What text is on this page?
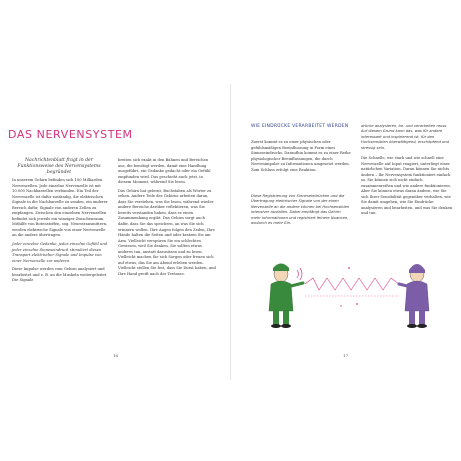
DAS NERVENSYSTEM
Nachrichtenblatt fragt in der Funktionsweise des Nervensystems begründet

In unserem Gehirn befinden sich 100 Milliarden Nervenzellen. Jede einzelne Nervenzelle ist mit 10.000 Nachbarzellen verbunden. Ein Teil der Nervenzelle ist dafür zuständig, die elektrischen Signale in die Nachbarzelle zu senden, ein anderer Bereich dafür, Signale von anderen Zellen zu empfangen. Zwischen den einzelnen Nervenzellen befindet sich jeweils ein winziger Zwischenraum. Mithilfe von Botenstoffen, sog. Neurotransmittern, werden elektrische Signale von einer Nervenzelle an die andere übertragen.

Jeder einzelne Gedanke, jedes einzelne Gefühl und jeder einzelne Sinneseindruck stimuliert diesen Transport elektrischer Signale und Impulse von einer Nervenzelle zur anderen.

Diese Impulse werden vom Gehirn analysiert und bearbeitet und z. B. an die Muskeln weitergeleitet. Die Signale

breiten sich exakt in den Bahnen und Bereichen aus, die benötigt werden, damit eine Handlung ausgeführt, ein Gedanke gedacht oder ein Gefühl empfunden wird. Das geschieht auch jetzt, in diesem Moment, während Sie lesen.

Das Gehirn hat gelernt, Buchstaben als Wörter zu sehen. Andere Teile des Gehirns arbeiten daran, dass Sie verstehen, was Sie lesen, während wieder andere Bereiche darüber reflektieren, was Sie bereits verstanden haben, dass es einen Zusammenhang ergibt. Das Gehirn sorgt auch dafür, dass Sie das speichern, an was Sie sich erinnern wollen. Ihre Augen folgen den Zeilen, Ihre Hände halten die Seiten und oder kratzen Sie am Arm. Vielleicht verspüren Sie ein schlechtes Gewissen, weil Sie denken, Sie sollten etwas anderes tun, anstatt dazusitzen und zu lesen. Vielleicht machen Sie sich Sorgen oder freuen sich auf etwas, das Sie am Abend erleben werden. Vielleicht stellen Sie fest, dass Sie Durst haben, und Ihre Hand greift nach der Teetasse.

16
WIE EINDRÜCKE VERARBEITET WERDEN

Zuerst kommt es zu einer physischen oder gefühlsmäßigen Beeinflussung in Form eines Sinneseindrucks. Daraufhin kommt es zu einer Reihe physiologischer Beeinflussungen, die durch Nervenimpulse zu Informationen umgesetzt werden. Zum Schluss erfolgt eine Reaktion.

Diese Registrierung von Sinneseindrücken und die Übertragung elektrischer Signale von der einen Nervenzelle an die andere können bei Hochsensiblen intensiver ausfallen. Dabei empfängt das Gehirn mehr Informationen und registriert feinere Nuancen, wodurch es mehr Ein-
drücke analysieren, be- und verarbeiten muss. Auf diesem Grund kann das, was für andere interessant und inspirierend ist, für den Hochsensiblen überwältigend, erschöpfend und stressig sein.

Die Schnelle, wie stark und wie schnell eine Nervenzelle auf Input reagiert, unterliegt einer natürlichen Variation. Daran können Sie nichts ändern – Ihr Nervensystem funktioniert einfach so. Sie können sich nicht einfach zusammenreißen und wie andere funktionieren. Aber Sie können etwas daran ändern, wie Sie sich Ihrer Sensibilität gegenüber verhalten, wie Sie damit umgehen, wie Sie Eindrücke analysieren und bearbeiten, und was Sie denken und tun.

17
